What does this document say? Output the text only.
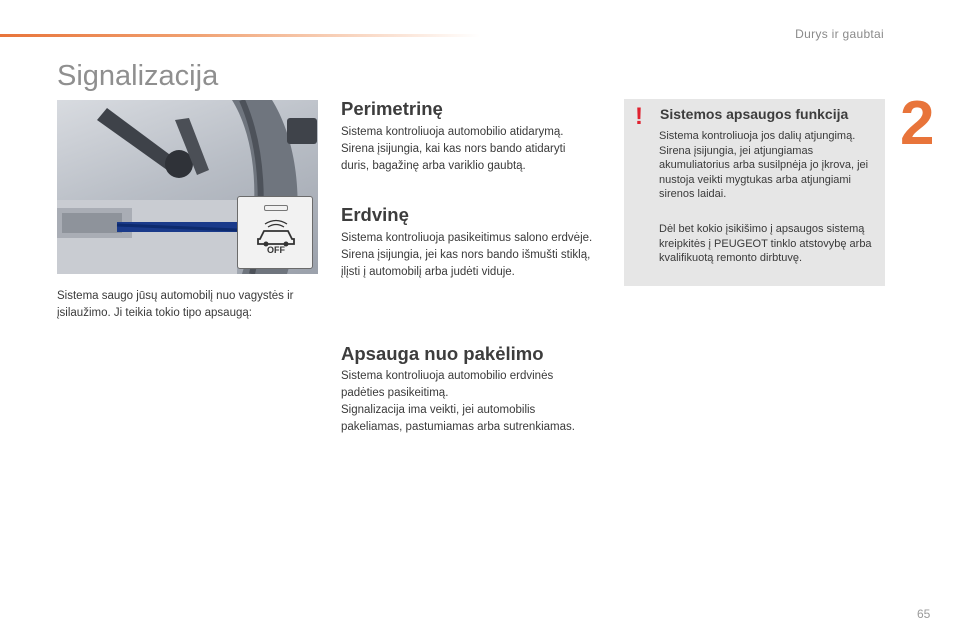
Durys ir gaubtai
2
Signalizacija
OFF

Sistema saugo jūsų automobilį nuo vagystės ir įsilaužimo. Ji teikia tokio tipo apsaugą:

Perimetrinę
Sistema kontroliuoja automobilio atidarymą.
Sirena įsijungia, kai kas nors bando atidaryti duris, bagažinę arba variklio gaubtą.
Erdvinę
Sistema kontroliuoja pasikeitimus salono erdvėje.
Sirena įsijungia, jei kas nors bando išmušti stiklą, įlįsti į automobilį arba judėti viduje.
Apsauga nuo pakėlimo
Sistema kontroliuoja automobilio erdvinės padėties pasikeitimą.
Signalizacija ima veikti, jei automobilis pakeliamas, pastumiamas arba sutrenkiamas.
! Sistemos apsaugos funkcija
Sistema kontroliuoja jos dalių atjungimą.
Sirena įsijungia, jei atjungiamas akumuliatorius arba susilpnėja jo įkrova, jei nustoja veikti mygtukas arba atjungiami sirenos laidai.
Dėl bet kokio įsikišimo į apsaugos sistemą kreipkitės į PEUGEOT tinklo atstovybę arba kvalifikuotą remonto dirbtuvę.
65
